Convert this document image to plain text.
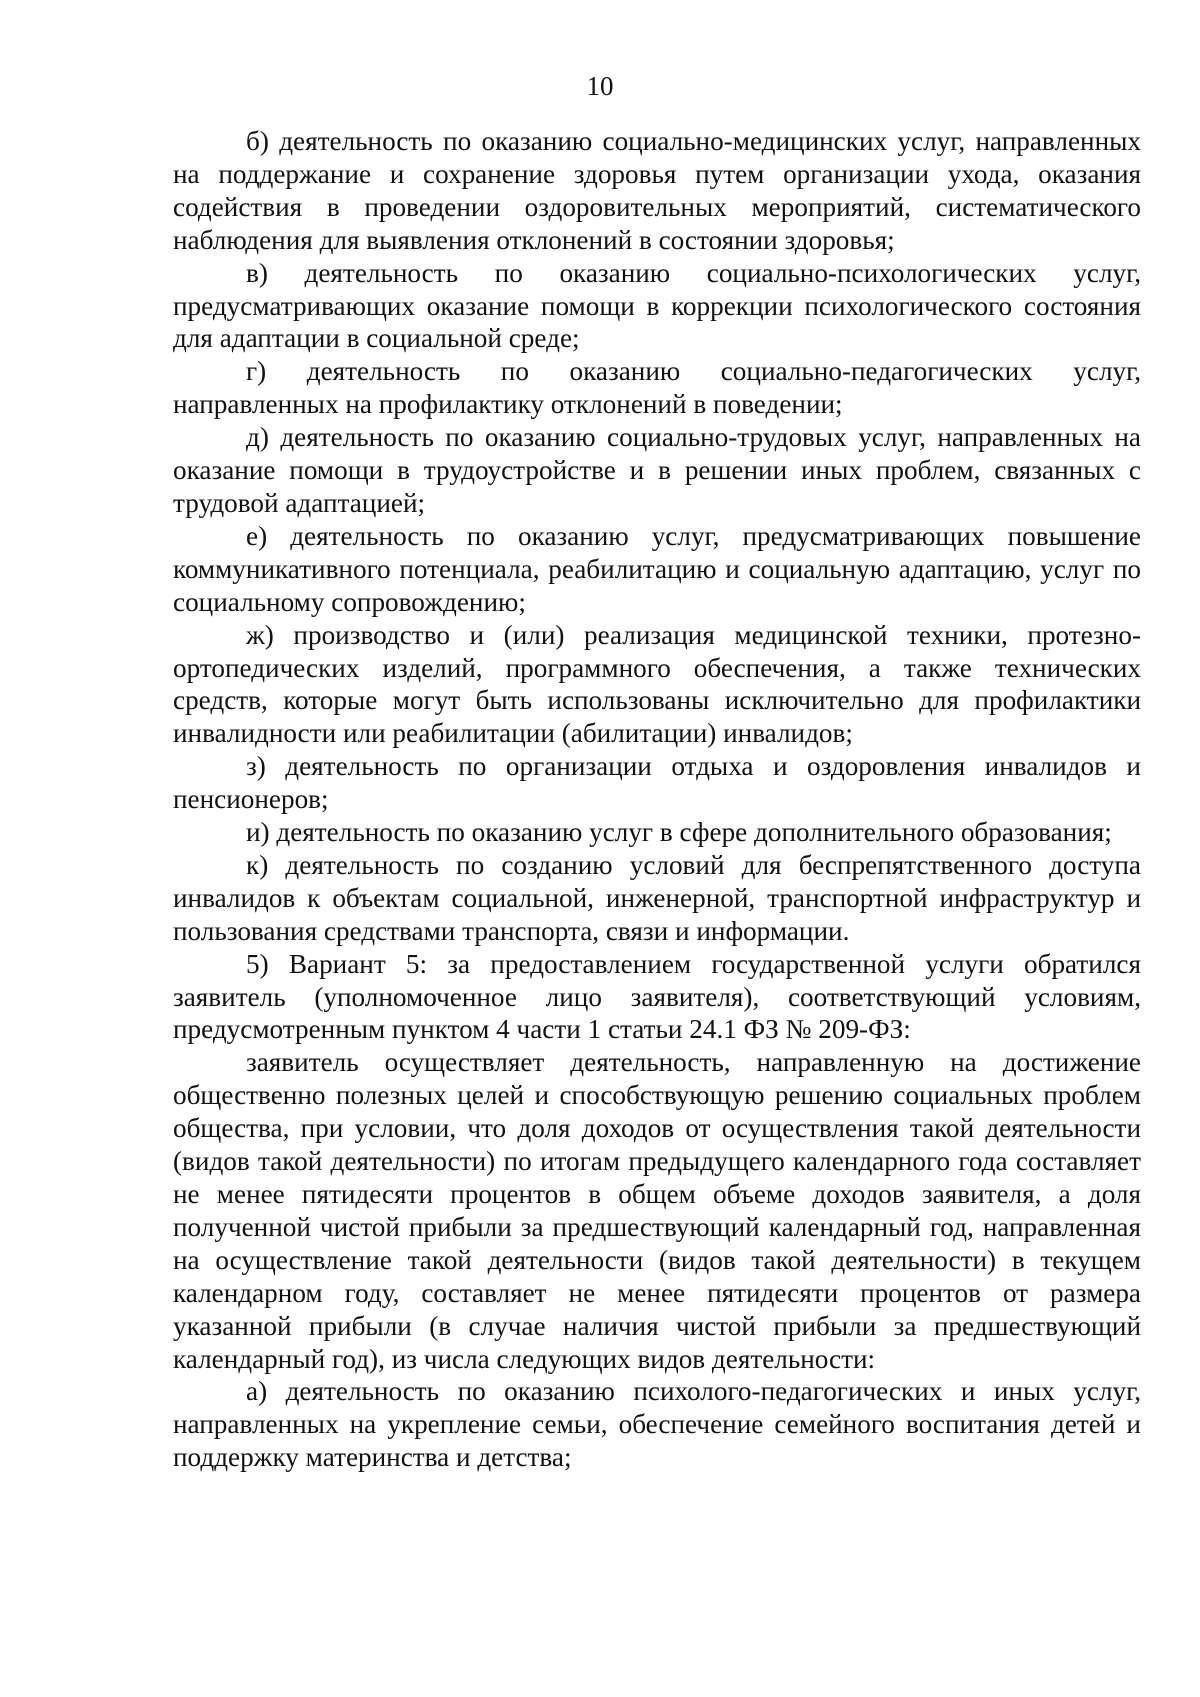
10

б) деятельность по оказанию социально-медицинских услуг, направленных на поддержание и сохранение здоровья путем организации ухода, оказания содействия в проведении оздоровительных мероприятий, систематического наблюдения для выявления отклонений в состоянии здоровья;

в) деятельность по оказанию социально-психологических услуг, предусматривающих оказание помощи в коррекции психологического состояния для адаптации в социальной среде;

г) деятельность по оказанию социально-педагогических услуг, направленных на профилактику отклонений в поведении;

д) деятельность по оказанию социально-трудовых услуг, направленных на оказание помощи в трудоустройстве и в решении иных проблем, связанных с трудовой адаптацией;

е) деятельность по оказанию услуг, предусматривающих повышение коммуникативного потенциала, реабилитацию и социальную адаптацию, услуг по социальному сопровождению;

ж) производство и (или) реализация медицинской техники, протезно-ортопедических изделий, программного обеспечения, а также технических средств, которые могут быть использованы исключительно для профилактики инвалидности или реабилитации (абилитации) инвалидов;

з) деятельность по организации отдыха и оздоровления инвалидов и пенсионеров;

и) деятельность по оказанию услуг в сфере дополнительного образования;

к) деятельность по созданию условий для беспрепятственного доступа инвалидов к объектам социальной, инженерной, транспортной инфраструктур и пользования средствами транспорта, связи и информации.

5) Вариант 5: за предоставлением государственной услуги обратился заявитель (уполномоченное лицо заявителя), соответствующий условиям, предусмотренным пунктом 4 части 1 статьи 24.1 ФЗ № 209-ФЗ:

заявитель осуществляет деятельность, направленную на достижение общественно полезных целей и способствующую решению социальных проблем общества, при условии, что доля доходов от осуществления такой деятельности (видов такой деятельности) по итогам предыдущего календарного года составляет не менее пятидесяти процентов в общем объеме доходов заявителя, а доля полученной чистой прибыли за предшествующий календарный год, направленная на осуществление такой деятельности (видов такой деятельности) в текущем календарном году, составляет не менее пятидесяти процентов от размера указанной прибыли (в случае наличия чистой прибыли за предшествующий календарный год), из числа следующих видов деятельности:

а) деятельность по оказанию психолого-педагогических и иных услуг, направленных на укрепление семьи, обеспечение семейного воспитания детей и поддержку материнства и детства;
